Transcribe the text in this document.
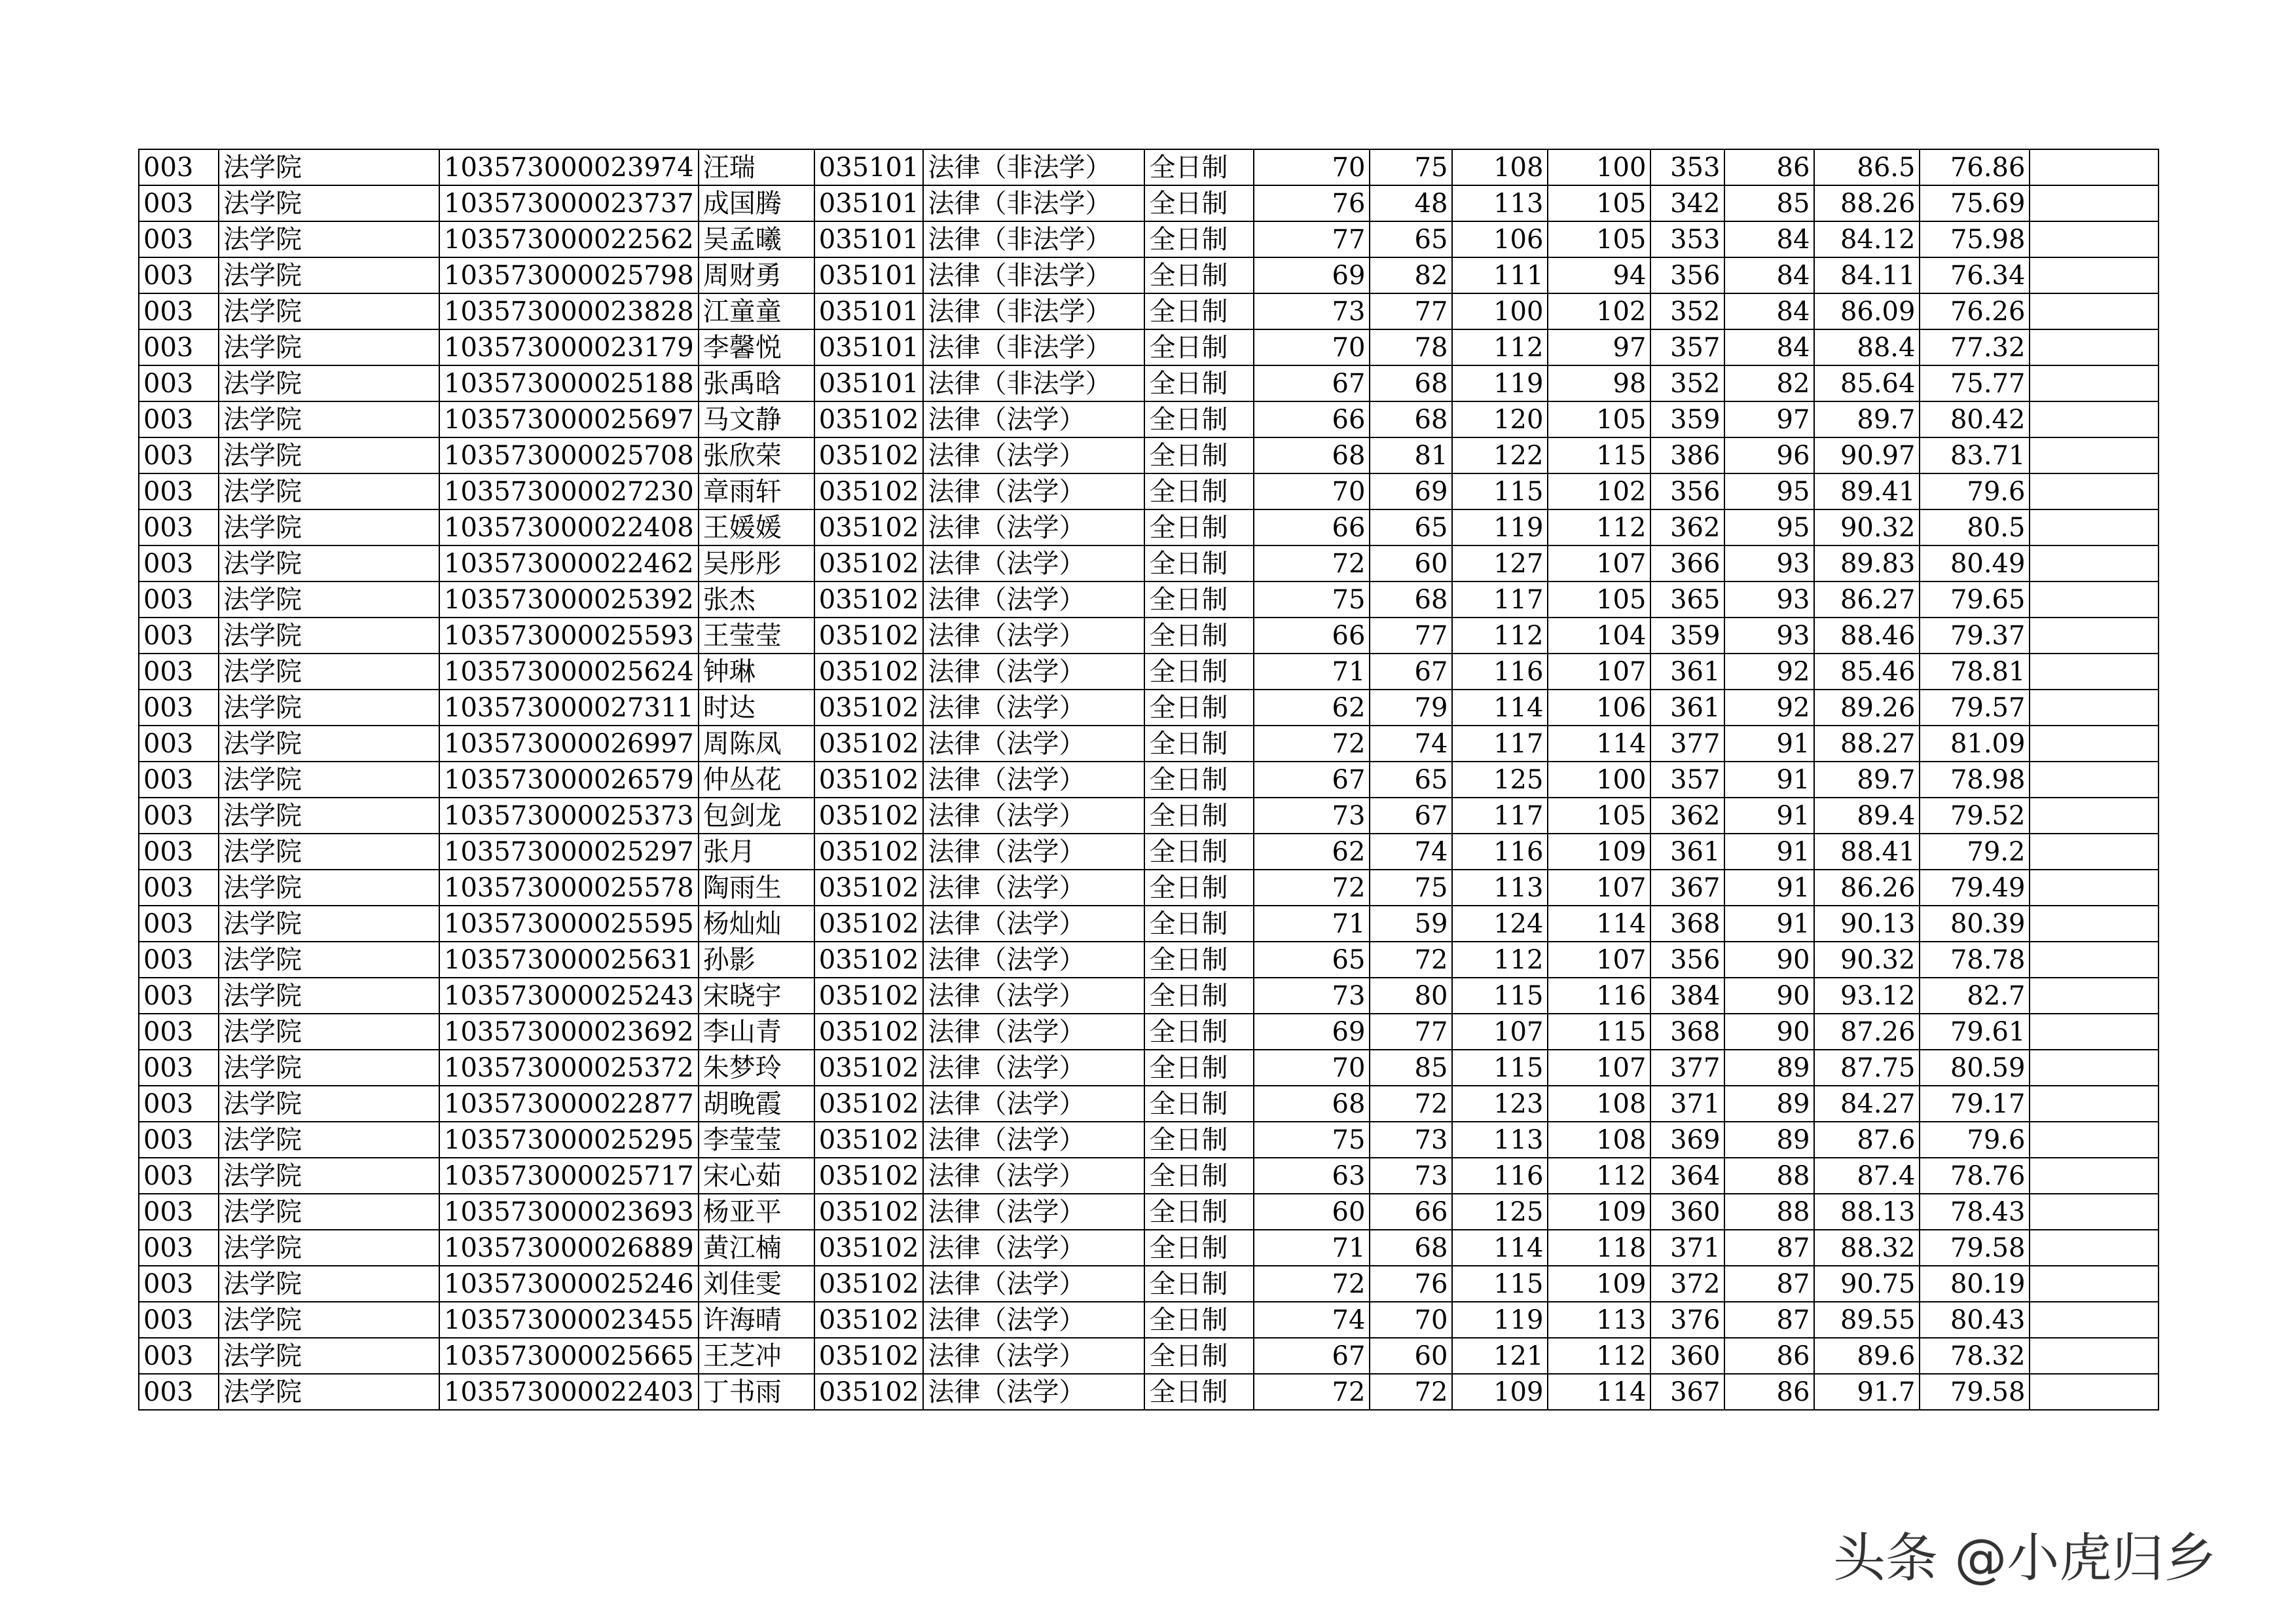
003	法学院	103573000023974	汪瑞	035101	法律（非法学）	全日制	70	75	108	100	353	86	86.5	76.86	
003	法学院	103573000023737	成国腾	035101	法律（非法学）	全日制	76	48	113	105	342	85	88.26	75.69	
003	法学院	103573000022562	吴孟曦	035101	法律（非法学）	全日制	77	65	106	105	353	84	84.12	75.98	
003	法学院	103573000025798	周财勇	035101	法律（非法学）	全日制	69	82	111	94	356	84	84.11	76.34	
003	法学院	103573000023828	江童童	035101	法律（非法学）	全日制	73	77	100	102	352	84	86.09	76.26	
003	法学院	103573000023179	李馨悦	035101	法律（非法学）	全日制	70	78	112	97	357	84	88.4	77.32	
003	法学院	103573000025188	张禹晗	035101	法律（非法学）	全日制	67	68	119	98	352	82	85.64	75.77	
003	法学院	103573000025697	马文静	035102	法律（法学）	全日制	66	68	120	105	359	97	89.7	80.42	
003	法学院	103573000025708	张欣荣	035102	法律（法学）	全日制	68	81	122	115	386	96	90.97	83.71	
003	法学院	103573000027230	章雨轩	035102	法律（法学）	全日制	70	69	115	102	356	95	89.41	79.6	
003	法学院	103573000022408	王媛媛	035102	法律（法学）	全日制	66	65	119	112	362	95	90.32	80.5	
003	法学院	103573000022462	吴彤彤	035102	法律（法学）	全日制	72	60	127	107	366	93	89.83	80.49	
003	法学院	103573000025392	张杰	035102	法律（法学）	全日制	75	68	117	105	365	93	86.27	79.65	
003	法学院	103573000025593	王莹莹	035102	法律（法学）	全日制	66	77	112	104	359	93	88.46	79.37	
003	法学院	103573000025624	钟琳	035102	法律（法学）	全日制	71	67	116	107	361	92	85.46	78.81	
003	法学院	103573000027311	时达	035102	法律（法学）	全日制	62	79	114	106	361	92	89.26	79.57	
003	法学院	103573000026997	周陈凤	035102	法律（法学）	全日制	72	74	117	114	377	91	88.27	81.09	
003	法学院	103573000026579	仲丛花	035102	法律（法学）	全日制	67	65	125	100	357	91	89.7	78.98	
003	法学院	103573000025373	包剑龙	035102	法律（法学）	全日制	73	67	117	105	362	91	89.4	79.52	
003	法学院	103573000025297	张月	035102	法律（法学）	全日制	62	74	116	109	361	91	88.41	79.2	
003	法学院	103573000025578	陶雨生	035102	法律（法学）	全日制	72	75	113	107	367	91	86.26	79.49	
003	法学院	103573000025595	杨灿灿	035102	法律（法学）	全日制	71	59	124	114	368	91	90.13	80.39	
003	法学院	103573000025631	孙影	035102	法律（法学）	全日制	65	72	112	107	356	90	90.32	78.78	
003	法学院	103573000025243	宋晓宇	035102	法律（法学）	全日制	73	80	115	116	384	90	93.12	82.7	
003	法学院	103573000023692	李山青	035102	法律（法学）	全日制	69	77	107	115	368	90	87.26	79.61	
003	法学院	103573000025372	朱梦玲	035102	法律（法学）	全日制	70	85	115	107	377	89	87.75	80.59	
003	法学院	103573000022877	胡晚霞	035102	法律（法学）	全日制	68	72	123	108	371	89	84.27	79.17	
003	法学院	103573000025295	李莹莹	035102	法律（法学）	全日制	75	73	113	108	369	89	87.6	79.6	
003	法学院	103573000025717	宋心茹	035102	法律（法学）	全日制	63	73	116	112	364	88	87.4	78.76	
003	法学院	103573000023693	杨亚平	035102	法律（法学）	全日制	60	66	125	109	360	88	88.13	78.43	
003	法学院	103573000026889	黄江楠	035102	法律（法学）	全日制	71	68	114	118	371	87	88.32	79.58	
003	法学院	103573000025246	刘佳雯	035102	法律（法学）	全日制	72	76	115	109	372	87	90.75	80.19	
003	法学院	103573000023455	许海晴	035102	法律（法学）	全日制	74	70	119	113	376	87	89.55	80.43	
003	法学院	103573000025665	王芝冲	035102	法律（法学）	全日制	67	60	121	112	360	86	89.6	78.32	
003	法学院	103573000022403	丁书雨	035102	法律（法学）	全日制	72	72	109	114	367	86	91.7	79.58	
头条 @小虎归乡
